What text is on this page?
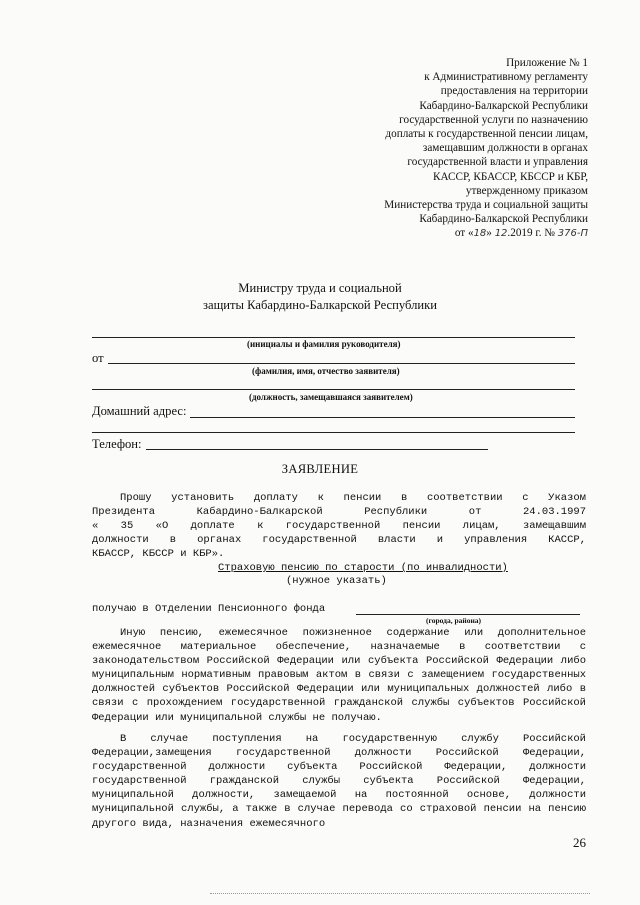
Приложение № 1
к Административному регламенту
предоставления на территории
Кабардино-Балкарской Республики
государственной услуги по назначению
доплаты к государственной пенсии лицам,
замещавшим должности в органах
государственной власти и управления
КАССР, КБАССР, КБССР и КБР,
утвержденному приказом
Министерства труда и социальной защиты
Кабардино-Балкарской Республики
от «18» 12.2019 г. № 376-П
Министру труда и социальной
защиты Кабардино-Балкарской Республики
(инициалы и фамилия руководителя)
от
(фамилия, имя, отчество заявителя)
(должность, замещавшаяся заявителем)
Домашний адрес:
Телефон:
ЗАЯВЛЕНИЕ
Прошу установить доплату к пенсии в соответствии с Указом
Президента Кабардино-Балкарской Республики от 24.03.1997
« 35 «О доплате к государственной пенсии лицам, замещавшим
должности в органах государственной власти и управления КАССР,
КБАССР, КБССР и КБР».
Страховую пенсию по старости (по инвалидности)
(нужное указать)
получаю в Отделении Пенсионного фонда
(города, района)
Иную пенсию, ежемесячное пожизненное содержание или дополнительное ежемесячное материальное обеспечение, назначаемые в соответствии с законодательством Российской Федерации или субъекта Российской Федерации либо муниципальным нормативным правовым актом в связи с замещением государственных должностей субъектов Российской Федерации или муниципальных должностей либо в связи с прохождением государственной гражданской службы субъектов Российской Федерации или муниципальной службы не получаю.
В случае поступления на государственную службу Российской Федерации,замещения государственной должности Российской Федерации, государственной должности субъекта Российской Федерации, должности государственной гражданской службы субъекта Российской Федерации, муниципальной должности, замещаемой на постоянной основе, должности муниципальной службы, а также в случае перевода со страховой пенсии на пенсию другого вида, назначения ежемесячного
26
